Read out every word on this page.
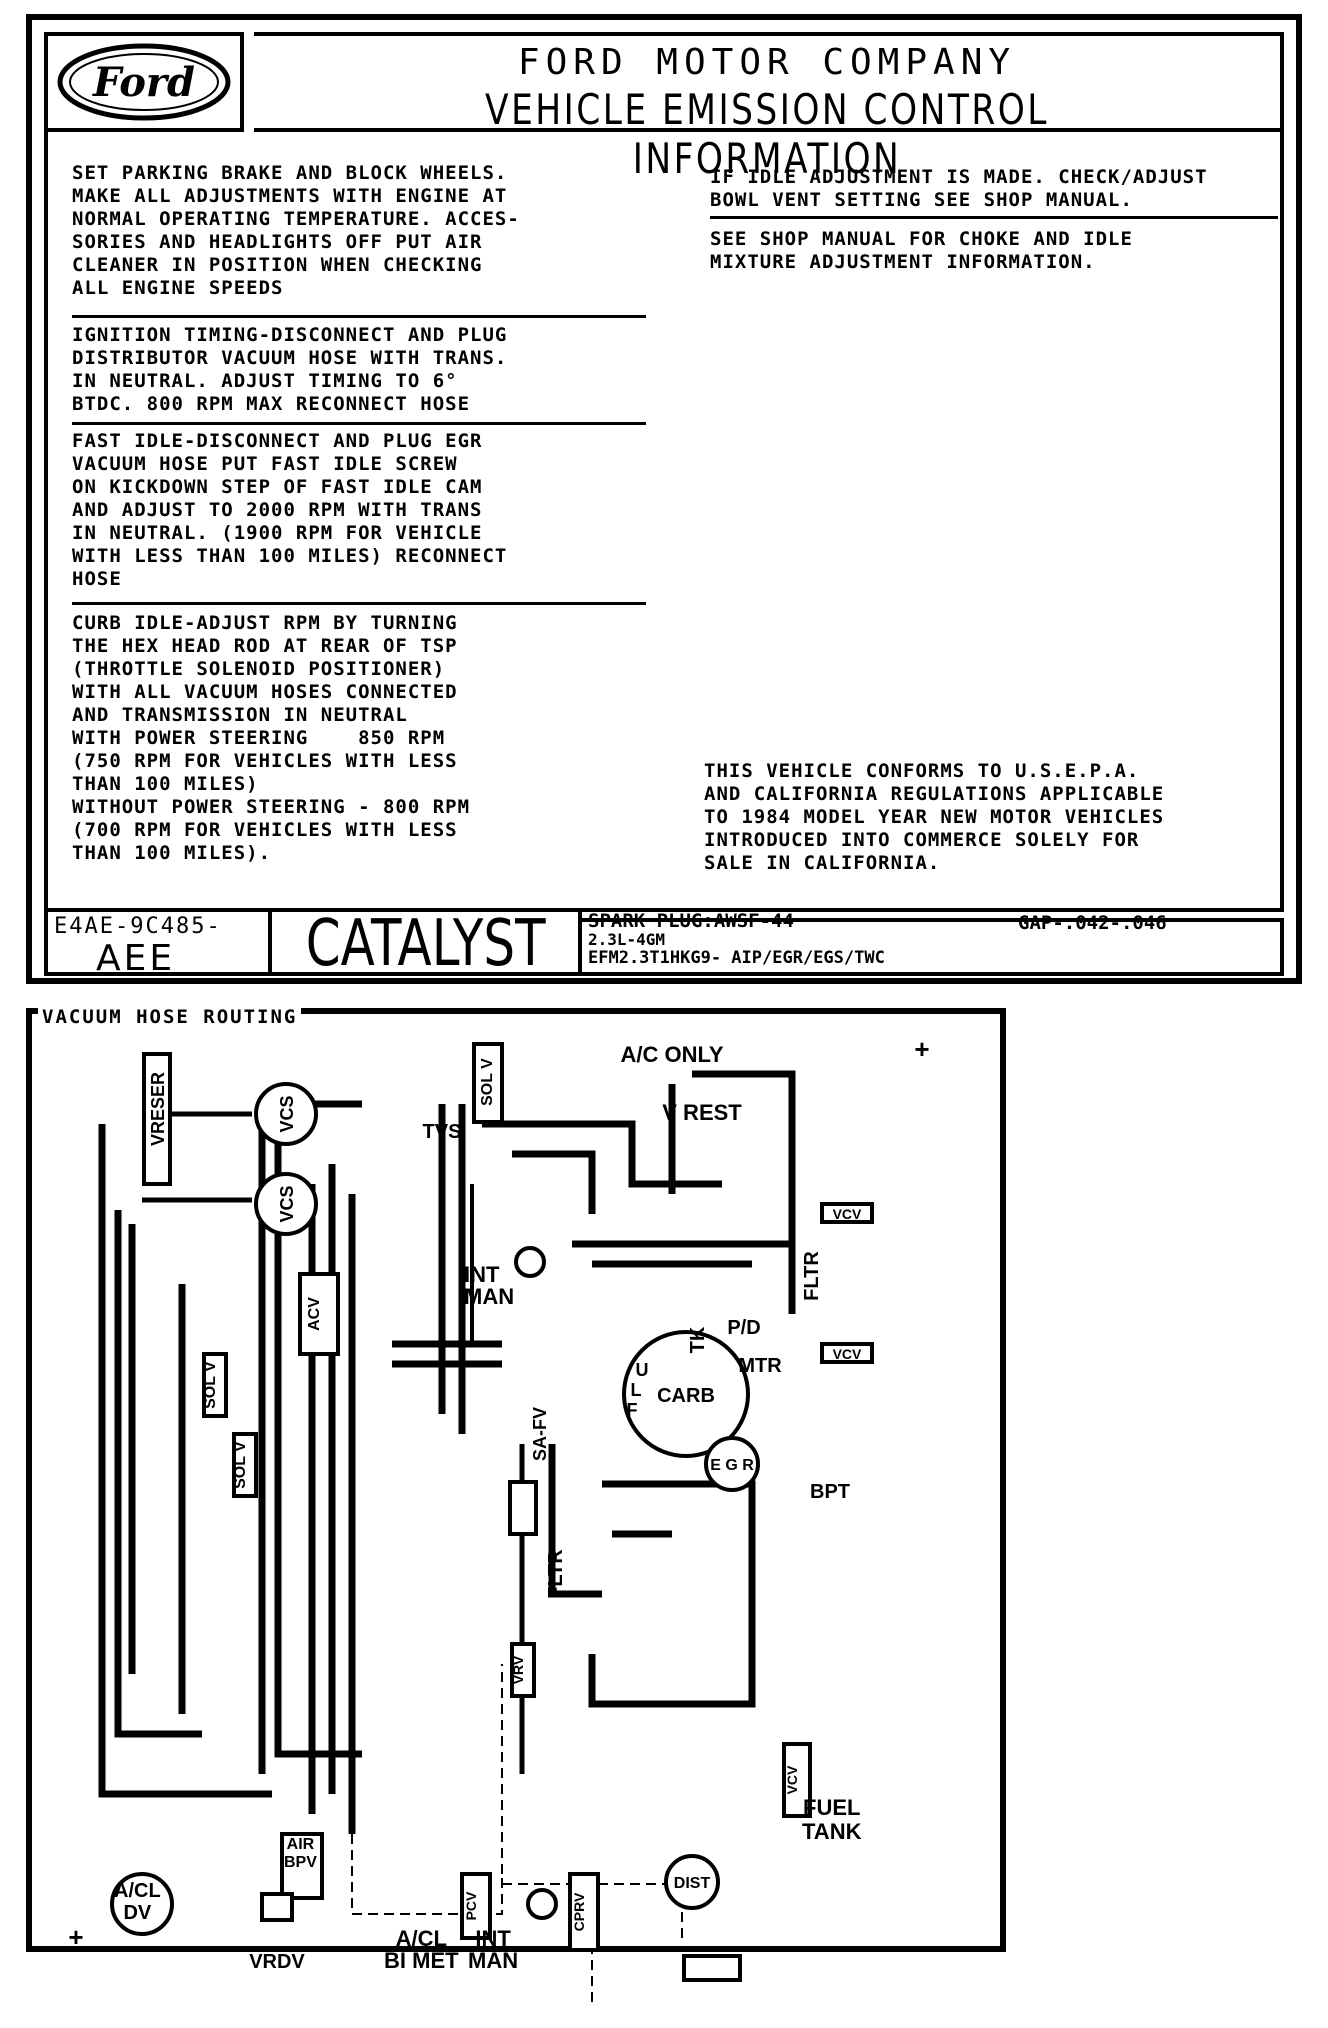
Ford	FORD MOTOR COMPANY
VEHICLE EMISSION CONTROL INFORMATION
SET PARKING BRAKE AND BLOCK WHEELS.
MAKE ALL ADJUSTMENTS WITH ENGINE AT
NORMAL OPERATING TEMPERATURE. ACCES-
SORIES AND HEADLIGHTS OFF PUT AIR
CLEANER IN POSITION WHEN CHECKING
ALL ENGINE SPEEDS
IGNITION TIMING-DISCONNECT AND PLUG
DISTRIBUTOR VACUUM HOSE WITH TRANS.
IN NEUTRAL. ADJUST TIMING TO 6°
BTDC. 800 RPM MAX RECONNECT HOSE
FAST IDLE-DISCONNECT AND PLUG EGR
VACUUM HOSE PUT FAST IDLE SCREW
ON KICKDOWN STEP OF FAST IDLE CAM
AND ADJUST TO 2000 RPM WITH TRANS
IN NEUTRAL. (1900 RPM FOR VEHICLE
WITH LESS THAN 100 MILES) RECONNECT
HOSE
CURB IDLE-ADJUST RPM BY TURNING
THE HEX HEAD ROD AT REAR OF TSP
(THROTTLE SOLENOID POSITIONER)
WITH ALL VACUUM HOSES CONNECTED
AND TRANSMISSION IN NEUTRAL
WITH POWER STEERING    850 RPM
(750 RPM FOR VEHICLES WITH LESS
THAN 100 MILES)
WITHOUT POWER STEERING - 800 RPM
(700 RPM FOR VEHICLES WITH LESS
THAN 100 MILES).
IF IDLE ADJUSTMENT IS MADE. CHECK/ADJUST
BOWL VENT SETTING SEE SHOP MANUAL.
SEE SHOP MANUAL FOR CHOKE AND IDLE
MIXTURE ADJUSTMENT INFORMATION.
THIS VEHICLE CONFORMS TO U.S.E.P.A.
AND CALIFORNIA REGULATIONS APPLICABLE
TO 1984 MODEL YEAR NEW MOTOR VEHICLES
INTRODUCED INTO COMMERCE SOLELY FOR
SALE IN CALIFORNIA.
E4AE-9C485-
AEE	CATALYST	SPARK PLUG:AWSF-44	GAP-.042-.046
2.3L-4GM
EFM2.3T1HKG9- AIP/EGR/EGS/TWC
VACUUM HOSE ROUTING
VRESER	VCS
VCS
TVS
SOL V
A/C ONLY
V REST
VCV
FLTR
TK P/D
VCV
MTR
CARB
U
L
F
SOL V
ACV
SOL V
SA-FV
E G R
BPT
FLTR
VRV
VCV
PCV	CPRV
DIST
VRDV
+
+
INT
MAN
AIR
BPV
FUEL
TANK
A/CL
DV
A/CL
BI MET
INT
MAN
